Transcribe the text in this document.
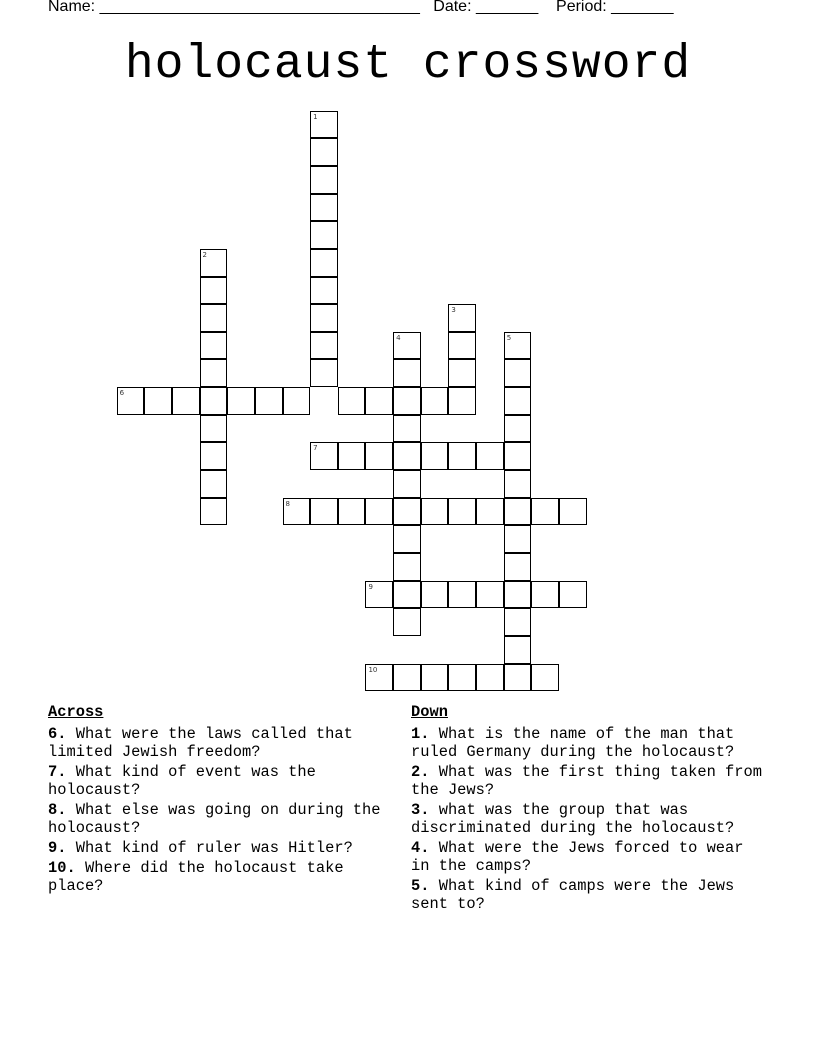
Name: ____________________________________ Date: _______ Period: _______
holocaust crossword
1
2
3
4	5
6
7
8
9
10
Across
6. What were the laws called that limited Jewish freedom?
7. What kind of event was the holocaust?
8. What else was going on during the holocaust?
9. What kind of ruler was Hitler?
10. Where did the holocaust take place?
Down
1. What is the name of the man that ruled Germany during the holocaust?
2. What was the first thing taken from the Jews?
3. what was the group that was discriminated during the holocaust?
4. What were the Jews forced to wear in the camps?
5. What kind of camps were the Jews sent to?
